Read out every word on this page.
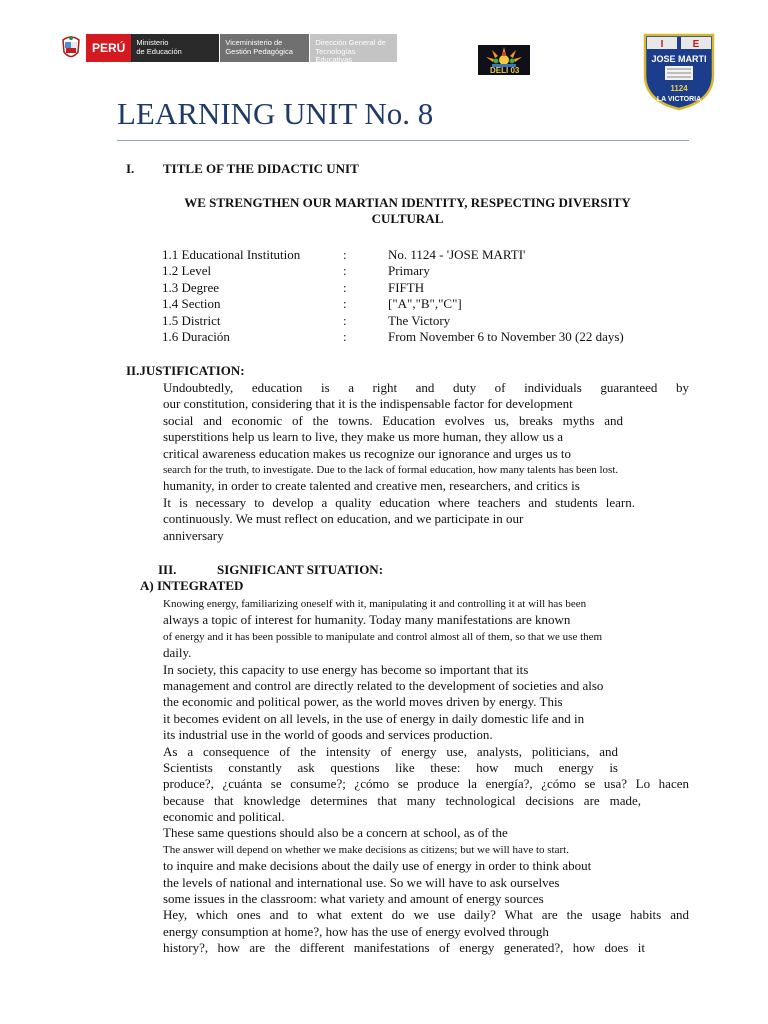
PERÚ	Ministerio
de Educación
Viceministerio de
Gestión Pedagógica
Dirección General de
Tecnologías Educativas
DELI 03
I	E
JOSE MARTI
1124
LA VICTORIA
LEARNING UNIT No. 8
I. TITLE OF THE DIDACTIC UNIT
WE STRENGTHEN OUR MARTIAN IDENTITY, RESPECTING DIVERSITY
CULTURAL
1.1 Educational Institution	:	No. 1124 - 'JOSE MARTI'
1.2 Level	:	Primary
1.3 Degree	:	FIFTH
1.4 Section	:	["A","B","C"]
1.5 District	:	The Victory
1.6 Duración	:	From November 6 to November 30 (22 days)
II.JUSTIFICATION:
Undoubtedly, education is a right and duty of individuals guaranteed by
our constitution, considering that it is the indispensable factor for development
social and economic of the towns. Education evolves us, breaks myths and
superstitions help us learn to live, they make us more human, they allow us a
critical awareness education makes us recognize our ignorance and urges us to
search for the truth, to investigate. Due to the lack of formal education, how many talents has been lost.
humanity, in order to create talented and creative men, researchers, and critics is
It is necessary to develop a quality education where teachers and students learn.
continuously. We must reflect on education, and we participate in our
anniversary
III.	SIGNIFICANT SITUATION:
A) INTEGRATED
Knowing energy, familiarizing oneself with it, manipulating it and controlling it at will has been
always a topic of interest for humanity. Today many manifestations are known
of energy and it has been possible to manipulate and control almost all of them, so that we use them
daily.
In society, this capacity to use energy has become so important that its
management and control are directly related to the development of societies and also
the economic and political power, as the world moves driven by energy. This
it becomes evident on all levels, in the use of energy in daily domestic life and in
its industrial use in the world of goods and services production.
As a consequence of the intensity of energy use, analysts, politicians, and
Scientists constantly ask questions like these: how much energy is
produce?, ¿cuánta se consume?; ¿cómo se produce la energía?, ¿cómo se usa? Lo hacen
because that knowledge determines that many technological decisions are made,
economic and political.
These same questions should also be a concern at school, as of the
The answer will depend on whether we make decisions as citizens; but we will have to start.
to inquire and make decisions about the daily use of energy in order to think about
the levels of national and international use. So we will have to ask ourselves
some issues in the classroom: what variety and amount of energy sources
Hey, which ones and to what extent do we use daily? What are the usage habits and
energy consumption at home?, how has the use of energy evolved through
history?, how are the different manifestations of energy generated?, how does it
